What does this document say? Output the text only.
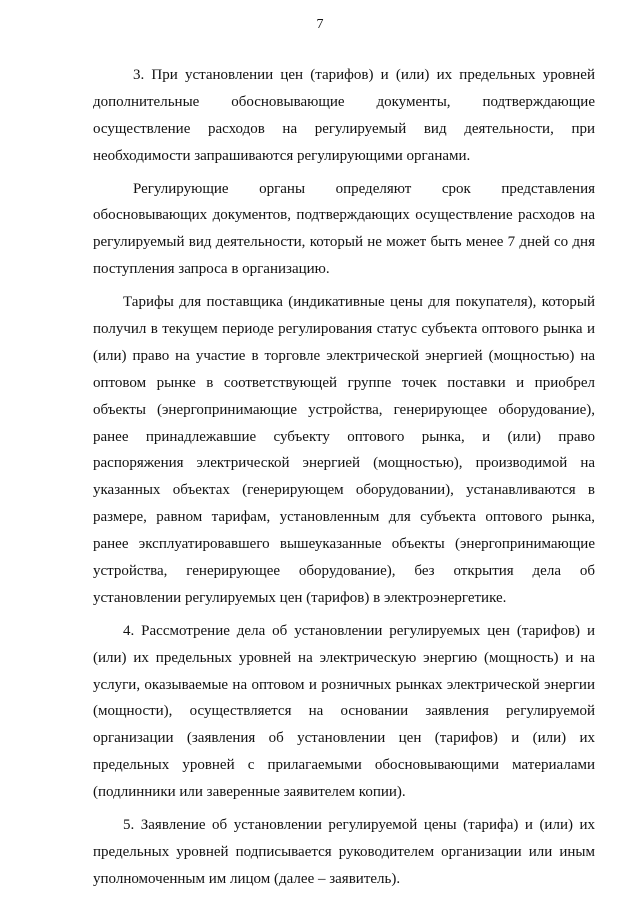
7
3. При установлении цен (тарифов) и (или) их предельных уровней
дополнительные обосновывающие документы, подтверждающие
осуществление расходов на регулируемый вид деятельности, при
необходимости запрашиваются регулирующими органами.
Регулирующие органы определяют срок представления
обосновывающих документов, подтверждающих осуществление расходов на
регулируемый вид деятельности, который не может быть менее 7 дней со дня
поступления запроса в организацию.
Тарифы для поставщика (индикативные цены для покупателя), который
получил в текущем периоде регулирования статус субъекта оптового рынка и
(или) право на участие в торговле электрической энергией (мощностью) на
оптовом рынке в соответствующей группе точек поставки и приобрел
объекты (энергопринимающие устройства, генерирующее оборудование),
ранее принадлежавшие субъекту оптового рынка, и (или) право
распоряжения электрической энергией (мощностью), производимой на
указанных объектах (генерирующем оборудовании), устанавливаются в
размере, равном тарифам, установленным для субъекта оптового рынка,
ранее эксплуатировавшего вышеуказанные объекты (энергопринимающие
устройства, генерирующее оборудование), без открытия дела об
установлении регулируемых цен (тарифов) в электроэнергетике.
4. Рассмотрение дела об установлении регулируемых цен (тарифов) и
(или) их предельных уровней на электрическую энергию (мощность) и на
услуги, оказываемые на оптовом и розничных рынках электрической энергии
(мощности), осуществляется на основании заявления регулируемой
организации (заявления об установлении цен (тарифов) и (или) их
предельных уровней с прилагаемыми обосновывающими материалами
(подлинники или заверенные заявителем копии).
5. Заявление об установлении регулируемой цены (тарифа) и (или) их
предельных уровней подписывается руководителем организации или иным
уполномоченным им лицом (далее – заявитель).
